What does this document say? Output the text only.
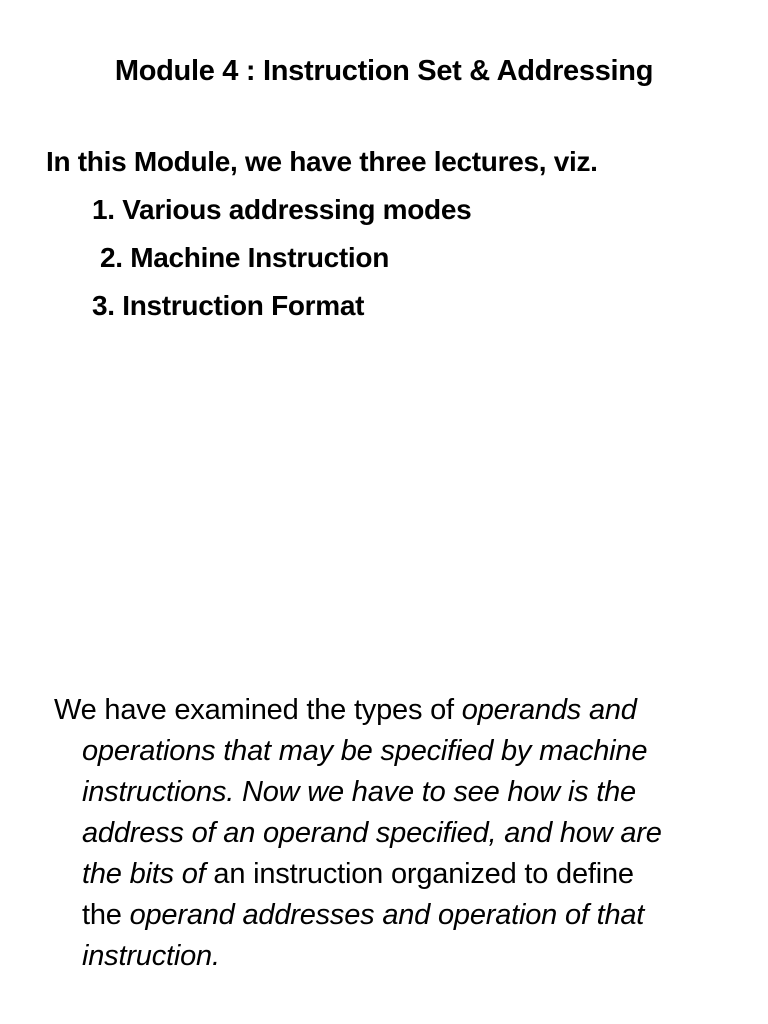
Module 4 : Instruction Set & Addressing
In this Module, we have three lectures, viz.
1. Various addressing modes
2. Machine Instruction
3. Instruction Format
We have examined the types of operands and
operations that may be specified by machine
instructions. Now we have to see how is the
address of an operand specified, and how are
the bits of an instruction organized to define
the operand addresses and operation of that
instruction.
